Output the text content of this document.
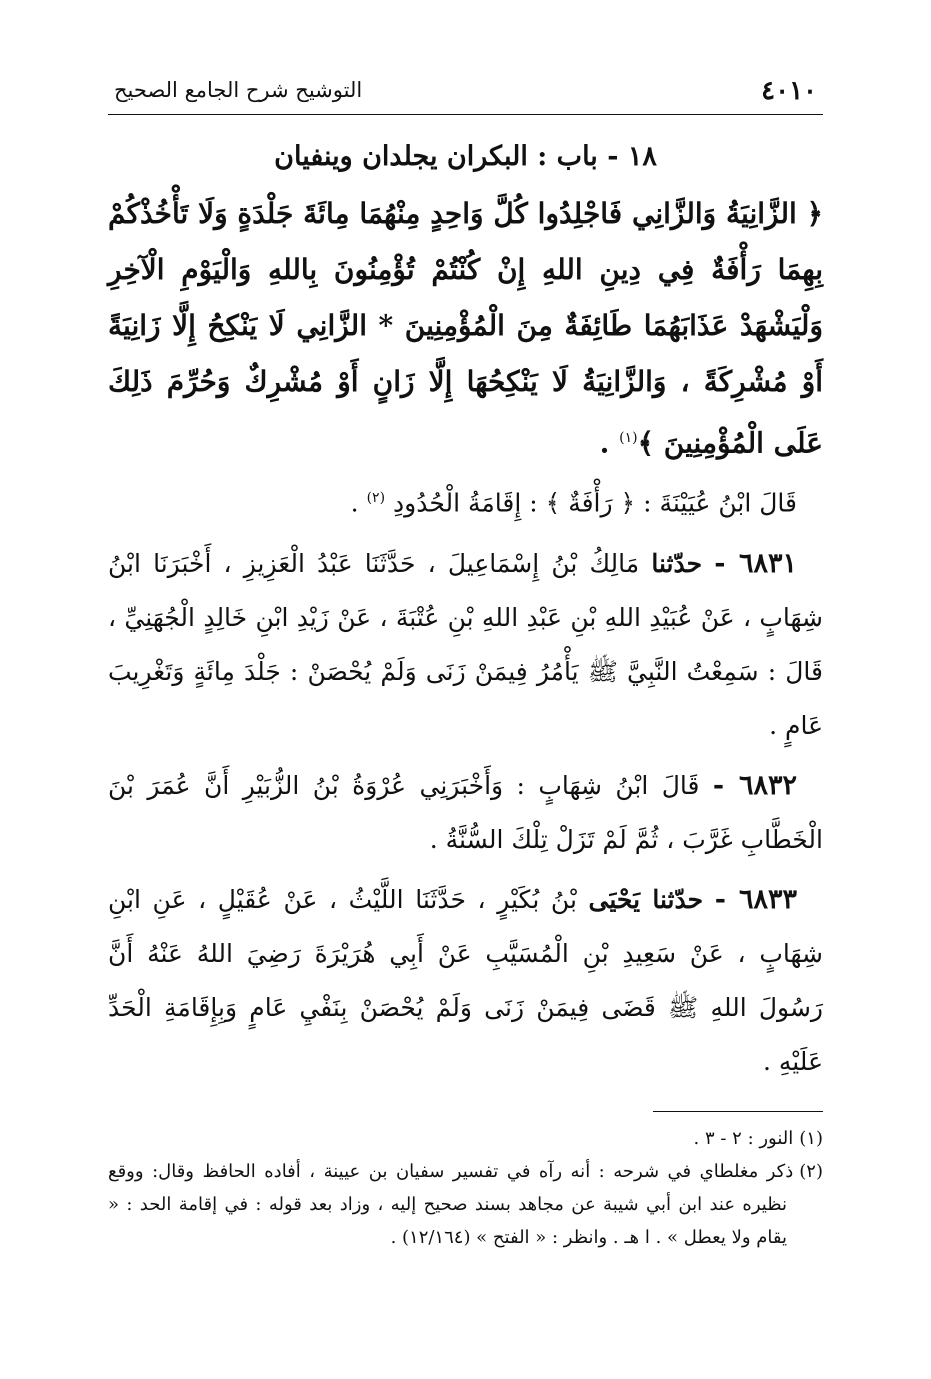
٤٠١٠
التوشيح شرح الجامع الصحيح
١٨ - باب : البكران يجلدان وينفيان

﴿ الزَّانِيَةُ وَالزَّانِي فَاجْلِدُوا كُلَّ وَاحِدٍ مِنْهُمَا مِائَةَ جَلْدَةٍ وَلَا تَأْخُذْكُمْ بِهِمَا رَأْفَةٌ فِي دِينِ اللهِ إِنْ كُنْتُمْ تُؤْمِنُونَ بِاللهِ وَالْيَوْمِ الْآخِرِ وَلْيَشْهَدْ عَذَابَهُمَا طَائِفَةٌ مِنَ الْمُؤْمِنِينَ * الزَّانِي لَا يَنْكِحُ إِلَّا زَانِيَةً أَوْ مُشْرِكَةً ، وَالزَّانِيَةُ لَا يَنْكِحُهَا إِلَّا زَانٍ أَوْ مُشْرِكٌ وَحُرِّمَ ذَلِكَ عَلَى الْمُؤْمِنِينَ ﴾$^{(١)}$ .

قَالَ ابْنُ عُيَيْنَةَ : ﴿ رَأْفَةٌ ﴾ : إِقَامَةُ الْحُدُودِ $^{(٢)}$ .

٦٨٣١ - حدّثنا مَالِكُ بْنُ إِسْمَاعِيلَ ، حَدَّثَنَا عَبْدُ الْعَزِيزِ ، أَخْبَرَنَا ابْنُ شِهَابٍ ، عَنْ عُبَيْدِ اللهِ بْنِ عَبْدِ اللهِ بْنِ عُتْبَةَ ، عَنْ زَيْدِ ابْنِ خَالِدٍ الْجُهَنِيِّ ، قَالَ : سَمِعْتُ النَّبِيَّ ﷺ يَأْمُرُ فِيمَنْ زَنَى وَلَمْ يُحْصَنْ : جَلْدَ مِائَةٍ وَتَغْرِيبَ عَامٍ .

٦٨٣٢ - قَالَ ابْنُ شِهَابٍ : وَأَخْبَرَنِي عُرْوَةُ بْنُ الزُّبَيْرِ أَنَّ عُمَرَ بْنَ الْخَطَّابِ غَرَّبَ ، ثُمَّ لَمْ تَزَلْ تِلْكَ السُّنَّةُ .

٦٨٣٣ - حدّثنا يَحْيَى بْنُ بُكَيْرٍ ، حَدَّثَنَا اللَّيْثُ ، عَنْ عُقَيْلٍ ، عَنِ ابْنِ شِهَابٍ ، عَنْ سَعِيدِ بْنِ الْمُسَيَّبِ عَنْ أَبِي هُرَيْرَةَ رَضِيَ اللهُ عَنْهُ أَنَّ رَسُولَ اللهِ ﷺ قَضَى فِيمَنْ زَنَى وَلَمْ يُحْصَنْ بِنَفْيِ عَامٍ وَبِإِقَامَةِ الْحَدِّ عَلَيْهِ .

(١)النور : ٢ - ٣ .

(٢)ذكر مغلطاي في شرحه : أنه رآه في تفسير سفيان بن عيينة ، أفاده الحافظ وقال: ووقع نظيره عند ابن أبي شيبة عن مجاهد بسند صحيح إليه ، وزاد بعد قوله : في إقامة الحد : « يقام ولا يعطل » . ا هـ . وانظر : « الفتح » (١٢/١٦٤) .
